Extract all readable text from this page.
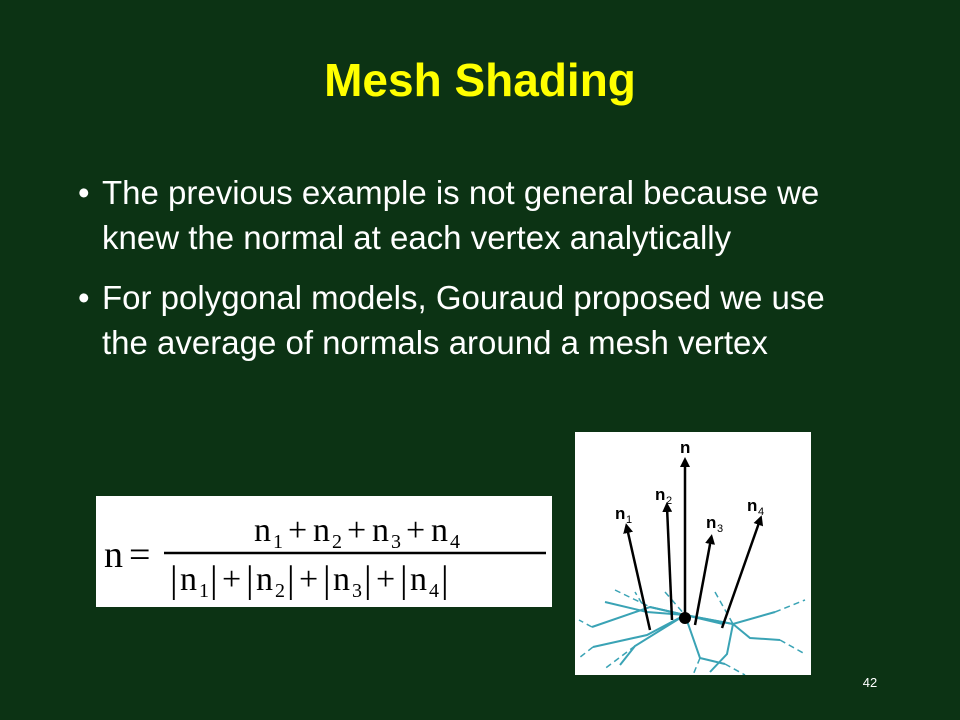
Mesh Shading
• The previous example is not general because we knew the normal at each vertex analytically
• For polygonal models, Gouraud proposed we use the average of normals around a mesh vertex
n =
n 1 + n 2 + n 3 + n 4
| n 1 | + | n 2 | + | n 3 | + | n 4 |
n
n 1
n 2
n 3
n 4
42
